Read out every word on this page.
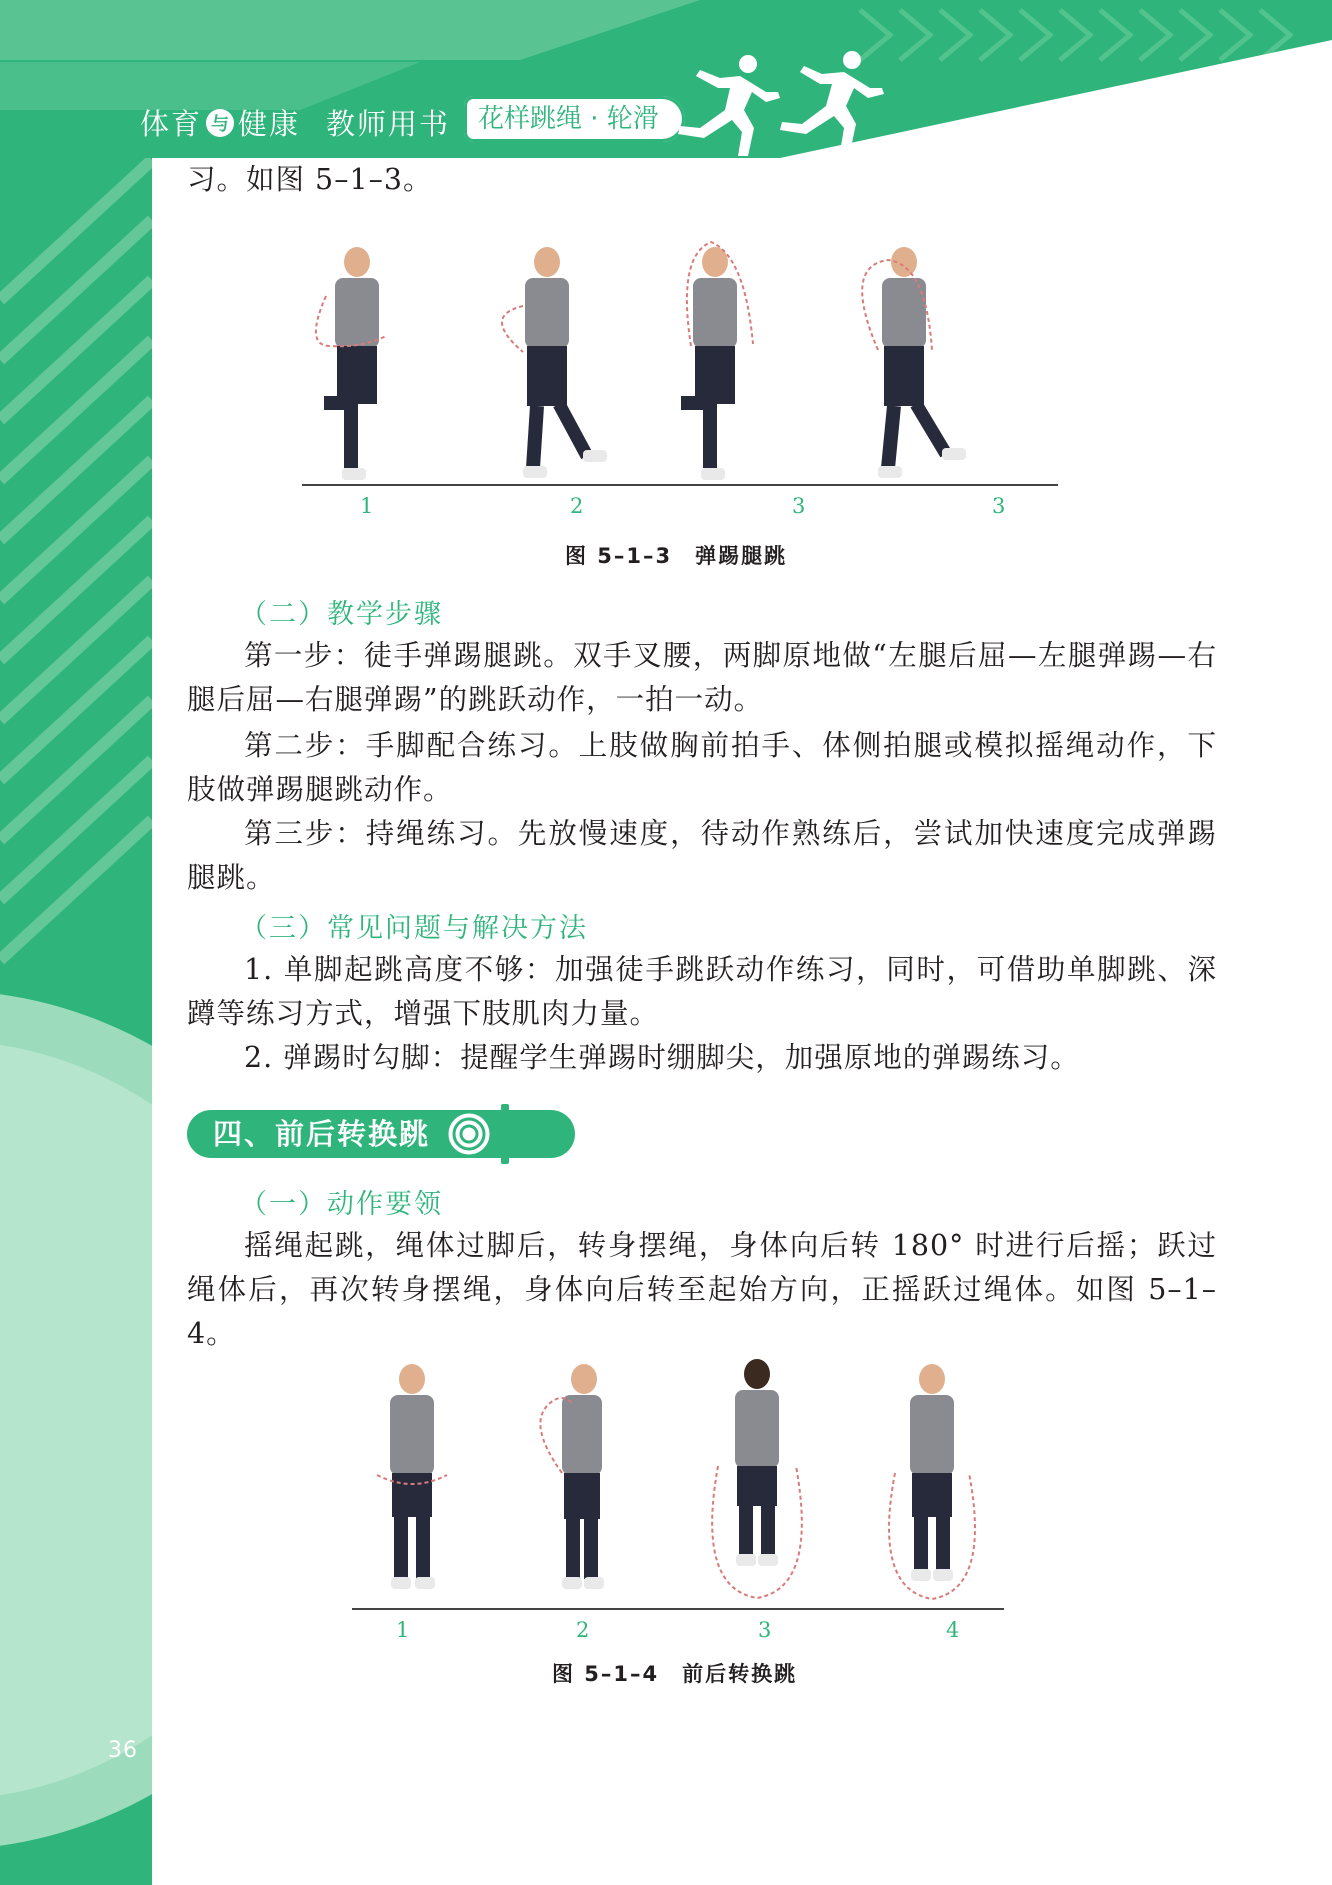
36
体育 与 健康 教师用书	花样跳绳 · 轮滑
习。如图 5–1–3。
1	2	3	3
图 5–1–3　弹踢腿跳
（二）教学步骤
第一步：徒手弹踢腿跳。双手叉腰，两脚原地做“左腿后屈—左腿弹踢—右腿后屈—右腿弹踢”的跳跃动作，一拍一动。
第二步：手脚配合练习。上肢做胸前拍手、体侧拍腿或模拟摇绳动作，下肢做弹踢腿跳动作。
第三步：持绳练习。先放慢速度，待动作熟练后，尝试加快速度完成弹踢腿跳。
（三）常见问题与解决方法
1. 单脚起跳高度不够：加强徒手跳跃动作练习，同时，可借助单脚跳、深蹲等练习方式，增强下肢肌肉力量。
2. 弹踢时勾脚：提醒学生弹踢时绷脚尖，加强原地的弹踢练习。
四、前后转换跳
（一）动作要领
摇绳起跳，绳体过脚后，转身摆绳，身体向后转 180° 时进行后摇；跃过绳体后，再次转身摆绳，身体向后转至起始方向，正摇跃过绳体。如图 5–1–4。
1	2	3	4
图 5–1–4　前后转换跳
